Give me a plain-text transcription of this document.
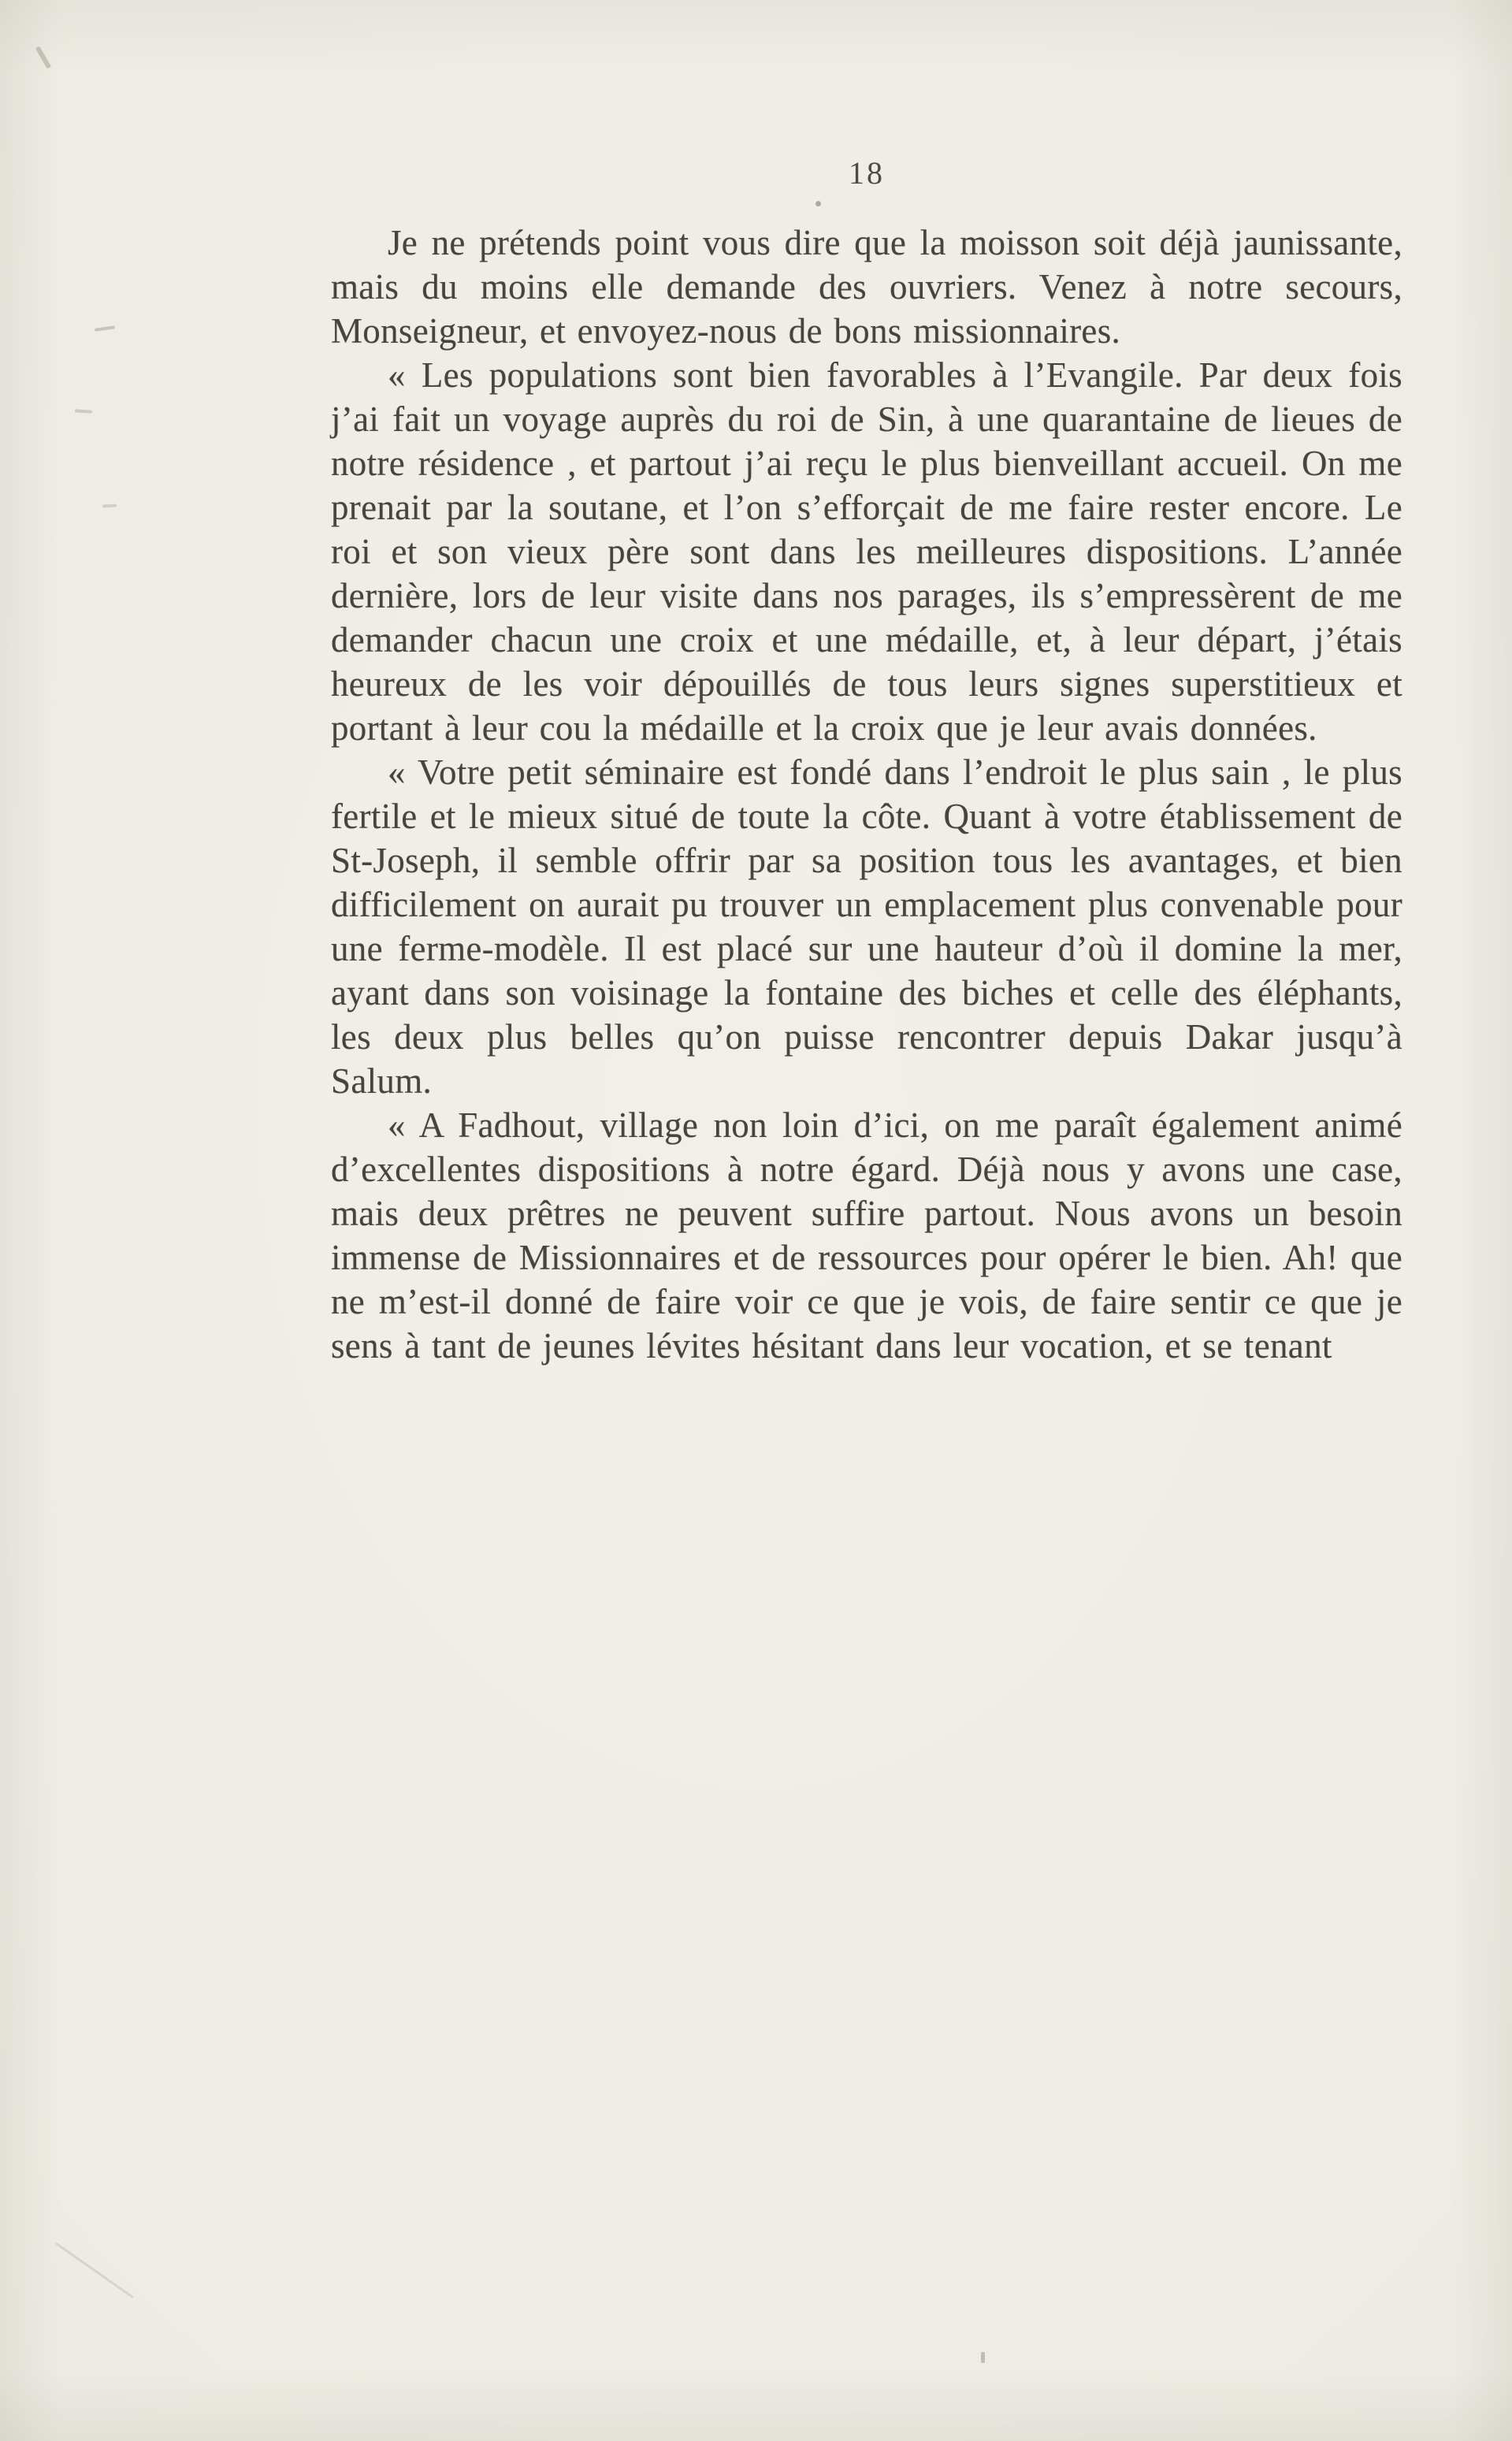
18

Je ne prétends point vous dire que la moisson soit déjà jaunissante, mais du moins elle demande des ouvriers. Venez à notre secours, Monseigneur, et envoyez-nous de bons missionnaires.

« Les populations sont bien favorables à l’Evangile. Par deux fois j’ai fait un voyage auprès du roi de Sin, à une quarantaine de lieues de notre résidence , et partout j’ai reçu le plus bienveillant accueil. On me prenait par la soutane, et l’on s’efforçait de me faire rester encore. Le roi et son vieux père sont dans les meilleures dispositions. L’année dernière, lors de leur visite dans nos parages, ils s’empressèrent de me demander chacun une croix et une médaille, et, à leur départ, j’étais heureux de les voir dépouillés de tous leurs signes superstitieux et portant à leur cou la médaille et la croix que je leur avais données.

« Votre petit séminaire est fondé dans l’endroit le plus sain , le plus fertile et le mieux situé de toute la côte. Quant à votre établissement de St-Joseph, il semble offrir par sa position tous les avantages, et bien difficilement on aurait pu trouver un emplacement plus convenable pour une ferme-modèle. Il est placé sur une hauteur d’où il domine la mer, ayant dans son voisinage la fontaine des biches et celle des éléphants, les deux plus belles qu’on puisse rencontrer depuis Dakar jusqu’à Salum.

« A Fadhout, village non loin d’ici, on me paraît également animé d’excellentes dispositions à notre égard. Déjà nous y avons une case, mais deux prêtres ne peuvent suffire partout. Nous avons un besoin immense de Missionnaires et de ressources pour opérer le bien. Ah! que ne m’est-il donné de faire voir ce que je vois, de faire sentir ce que je sens à tant de jeunes lévites hésitant dans leur vocation, et se tenant
